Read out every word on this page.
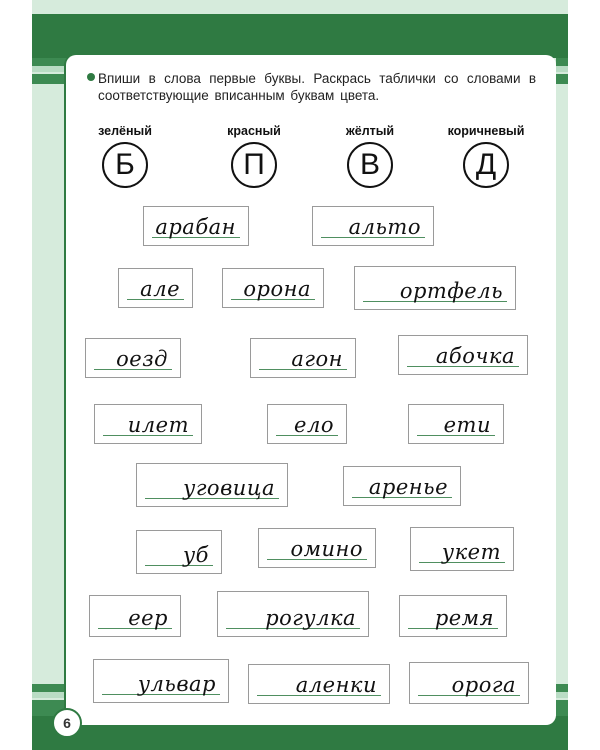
Впиши в слова первые буквы. Раскрась таблички со словами в соответствующие вписанным буквам цвета.
зелёный
Б
красный
П
жёлтый
В
коричневый
Д
арабан	альто
але	орона	ортфель
оезд	агон	абочка
илет	ело	ети
уговица	аренье
уб	омино	укет
еер	рогулка	ремя
ульвар	аленки	орога
6
